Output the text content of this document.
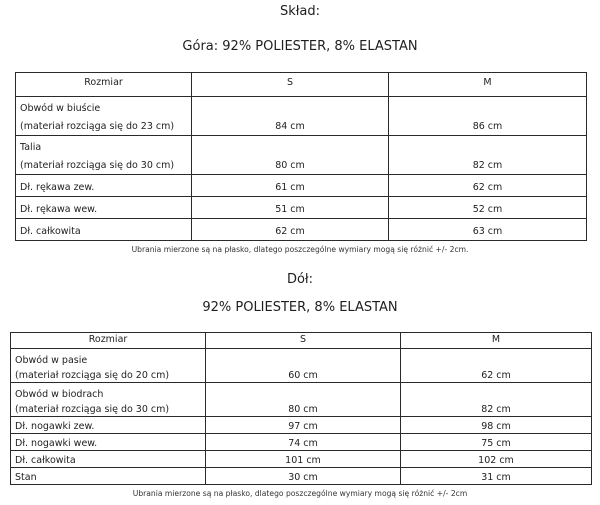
Skład:
Góra: 92% POLIESTER, 8% ELASTAN
Rozmiar	S	M

Obwód w biuście
(materiał rozciąga się do 23 cm)	84 cm	86 cm

Talia
(materiał rozciąga się do 30 cm)	80 cm	82 cm
Dł. rękawa zew.	61 cm	62 cm
Dł. rękawa wew.	51 cm	52 cm
Dł. całkowita	62 cm	63 cm
Ubrania mierzone są na płasko, dlatego poszczególne wymiary mogą się różnić +/- 2cm.
Dół:
92% POLIESTER, 8% ELASTAN
Rozmiar	S	M

Obwód w pasie
(materiał rozciąga się do 20 cm)	60 cm	62 cm

Obwód w biodrach
(materiał rozciąga się do 30 cm)	80 cm	82 cm
Dł. nogawki zew.	97 cm	98 cm
Dł. nogawki wew.	74 cm	75 cm
Dł. całkowita	101 cm	102 cm
Stan	30 cm	31 cm
Ubrania mierzone są na płasko, dlatego poszczególne wymiary mogą się różnić +/- 2cm
